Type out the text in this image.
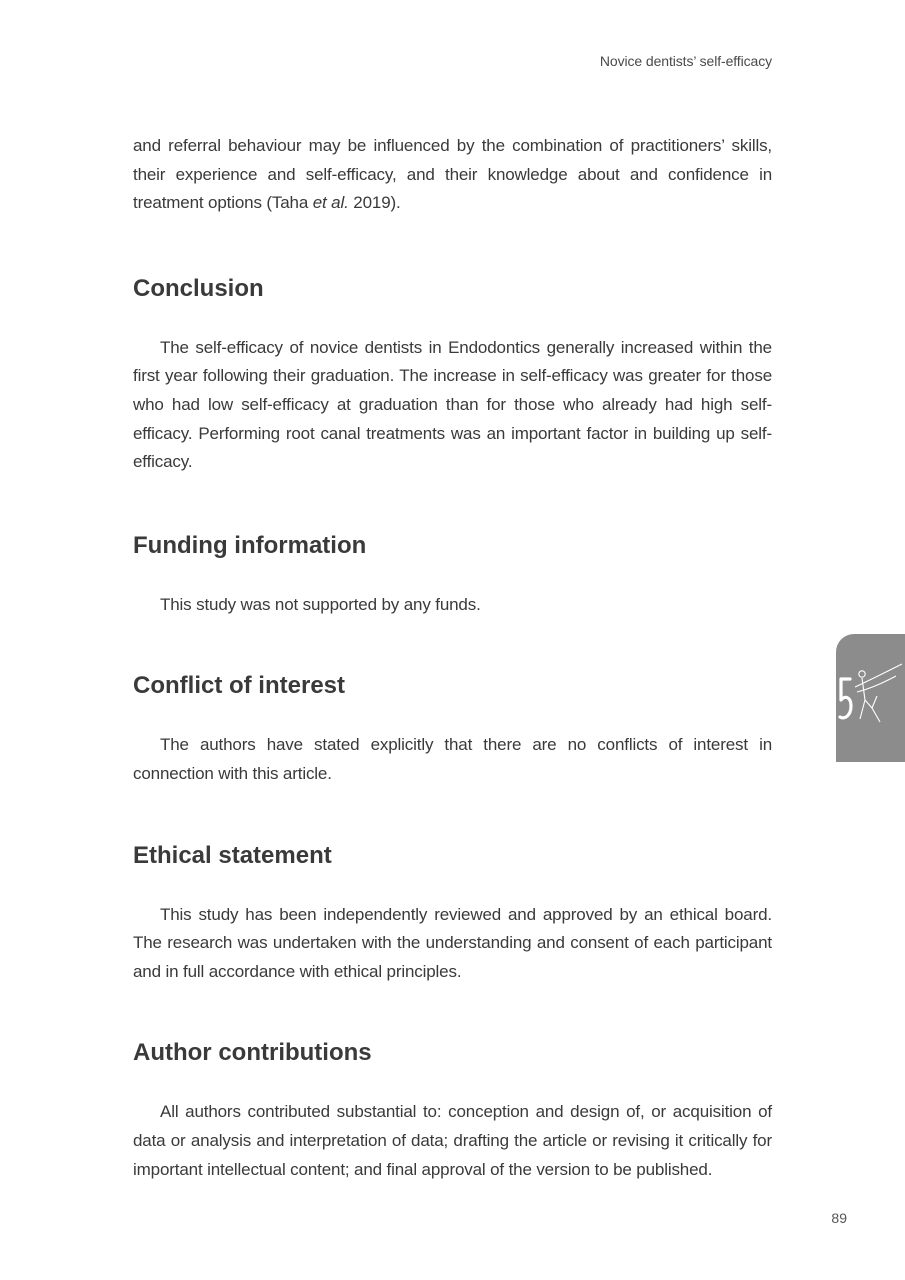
Novice dentists’ self-efficacy

and referral behaviour may be influenced by the combination of practitioners’ skills, their experience and self-efficacy, and their knowledge about and confidence in treatment options (Taha et al. 2019).

Conclusion

The self-efficacy of novice dentists in Endodontics generally increased within the first year following their graduation. The increase in self-efficacy was greater for those who had low self-efficacy at graduation than for those who already had high self-efficacy. Performing root canal treatments was an important factor in building up self-efficacy.

Funding information

This study was not supported by any funds.

Conflict of interest

The authors have stated explicitly that there are no conflicts of interest in connection with this article.

Ethical statement

This study has been independently reviewed and approved by an ethical board. The research was undertaken with the understanding and consent of each participant and in full accordance with ethical principles.

Author contributions

All authors contributed substantial to: conception and design of, or acquisition of data or analysis and interpretation of data; drafting the article or revising it critically for important intellectual content; and final approval of the version to be published.

89
